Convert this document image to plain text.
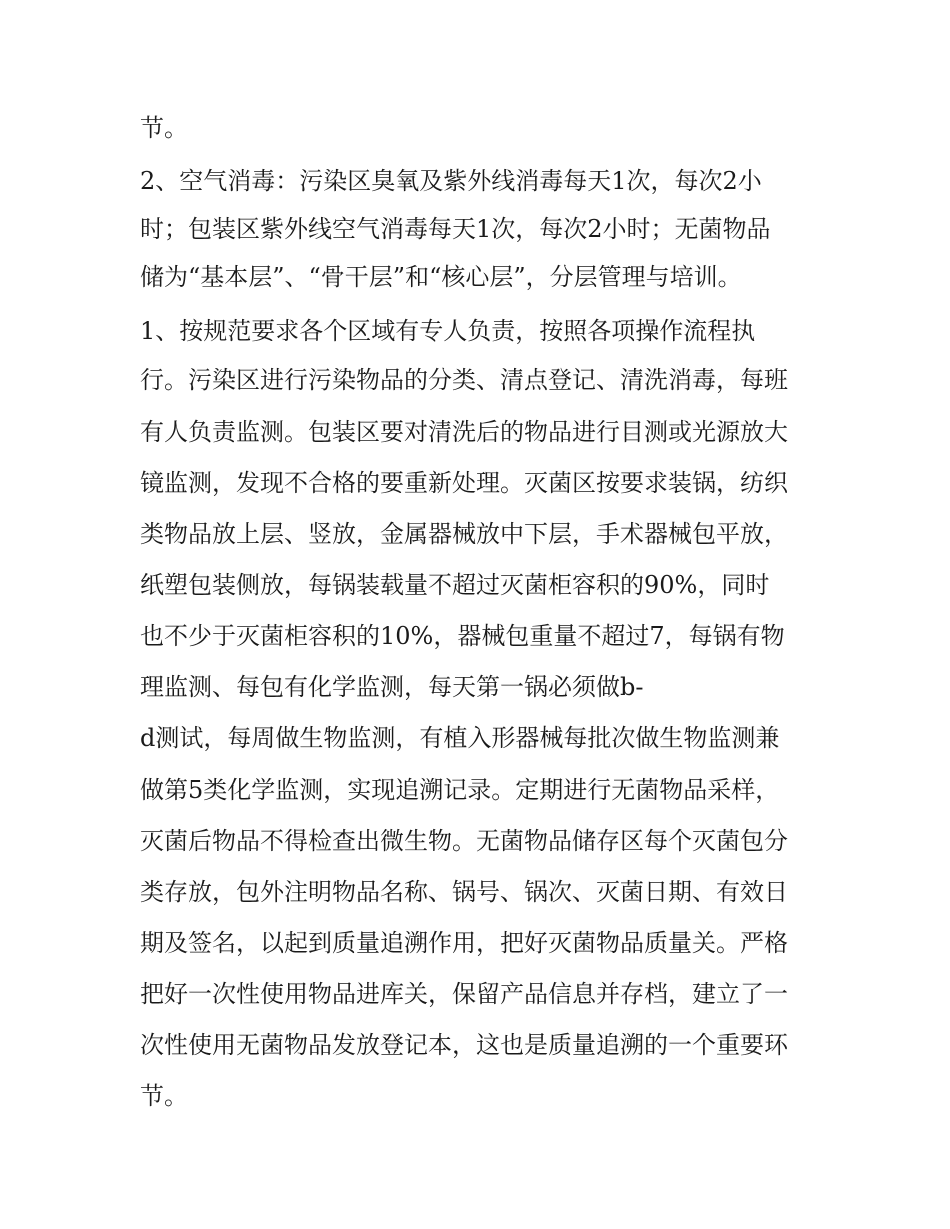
节。
2、空气消毒：污染区臭氧及紫外线消毒每天1次，每次2小
时；包装区紫外线空气消毒每天1次，每次2小时；无菌物品
储为“基本层”、“骨干层”和“核心层”，分层管理与培训。
1、按规范要求各个区域有专人负责，按照各项操作流程执
行。污染区进行污染物品的分类、清点登记、清洗消毒，每班
有人负责监测。包装区要对清洗后的物品进行目测或光源放大
镜监测，发现不合格的要重新处理。灭菌区按要求装锅，纺织
类物品放上层、竖放，金属器械放中下层，手术器械包平放，
纸塑包装侧放，每锅装载量不超过灭菌柜容积的90%，同时
也不少于灭菌柜容积的10%，器械包重量不超过7，每锅有物
理监测、每包有化学监测，每天第一锅必须做b-
d测试，每周做生物监测，有植入形器械每批次做生物监测兼
做第5类化学监测，实现追溯记录。定期进行无菌物品采样，
灭菌后物品不得检查出微生物。无菌物品储存区每个灭菌包分
类存放，包外注明物品名称、锅号、锅次、灭菌日期、有效日
期及签名，以起到质量追溯作用，把好灭菌物品质量关。严格
把好一次性使用物品进库关，保留产品信息并存档，建立了一
次性使用无菌物品发放登记本，这也是质量追溯的一个重要环
节。
